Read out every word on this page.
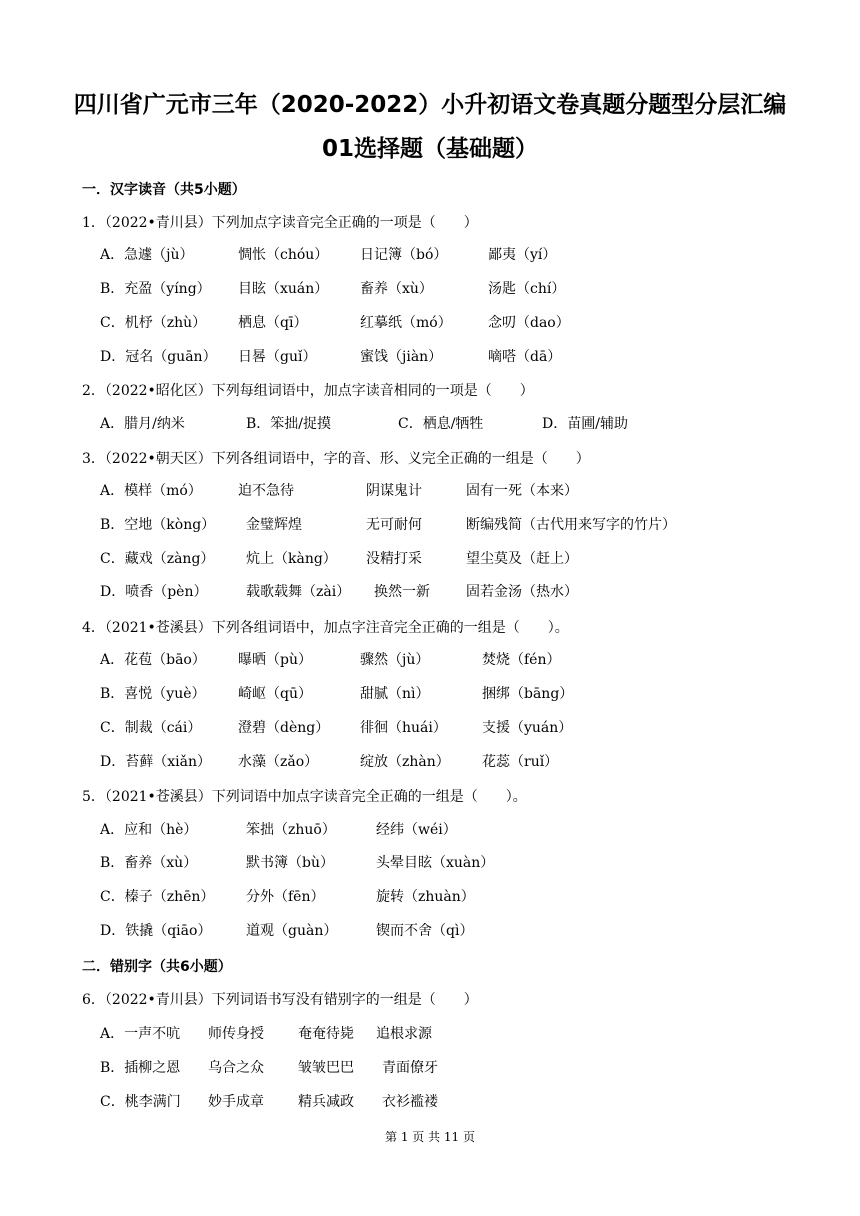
四川省广元市三年（2020-2022）小升初语文卷真题分题型分层汇编
01选择题（基础题）
一．汉字读音（共5小题）
1．（2022•青川县）下列加点字读音完全正确的一项是（　　）
A．急遽（jù）	惆怅（chóu） 日记簿（bó）	鄙夷（yí）
B．充盈（yíng） 目眩（xuán） 畜养（xù）	汤匙（chí）
C．机杼（zhù） 栖息（qī）	红摹纸（mó）	念叨（dao）
D．冠名（guān） 日晷（guǐ）	蜜饯（jiàn）	嘀嗒（dā）
2．（2022•昭化区）下列每组词语中，加点字读音相同的一项是（　　）
A．腊月/纳米	B．笨拙/捉摸	C．栖息/牺牲	D．苗圃/辅助
3．（2022•朝天区）下列各组词语中，字的音、形、义完全正确的一组是（　　）
A．模样（mó）	迫不急待	阴谋鬼计	固有一死（本来）
B．空地（kòng） 金璧辉煌	无可耐何	断编残简（古代用来写字的竹片）
C．藏戏（zàng） 炕上（kàng） 没精打采	望尘莫及（赶上）
D．喷香（pèn）	载歌载舞（zài） 换然一新	固若金汤（热水）
4．（2021•苍溪县）下列各组词语中，加点字注音完全正确的一组是（　　）。
A．花苞（bāo） 曝晒（pù）	骤然（jù）	焚烧（fén）
B．喜悦（yuè） 崎岖（qū）	甜腻（nì）	捆绑（bāng）
C．制裁（cái）	澄碧（dèng） 徘徊（huái）	支援（yuán）
D．苔藓（xiǎn） 水藻（zǎo）	绽放（zhàn） 花蕊（ruǐ）
5．（2021•苍溪县）下列词语中加点字读音完全正确的一组是（　　）。
A．应和（hè）	笨拙（zhuō）	经纬（wéi）
B．畜养（xù）	默书簿（bù）	头晕目眩（xuàn）
C．榛子（zhēn） 分外（fēn）	旋转（zhuàn）
D．铁撬（qiāo） 道观（guàn）	锲而不舍（qì）
二．错别字（共6小题）
6．（2022•青川县）下列词语书写没有错别字的一组是（　　）
A．一声不吭 师传身授 奄奄待毙 追根求源
B．插柳之恩 乌合之众 皱皱巴巴 青面僚牙
C．桃李满门 妙手成章 精兵减政 衣衫褴褛
第 1 页 共 11 页
